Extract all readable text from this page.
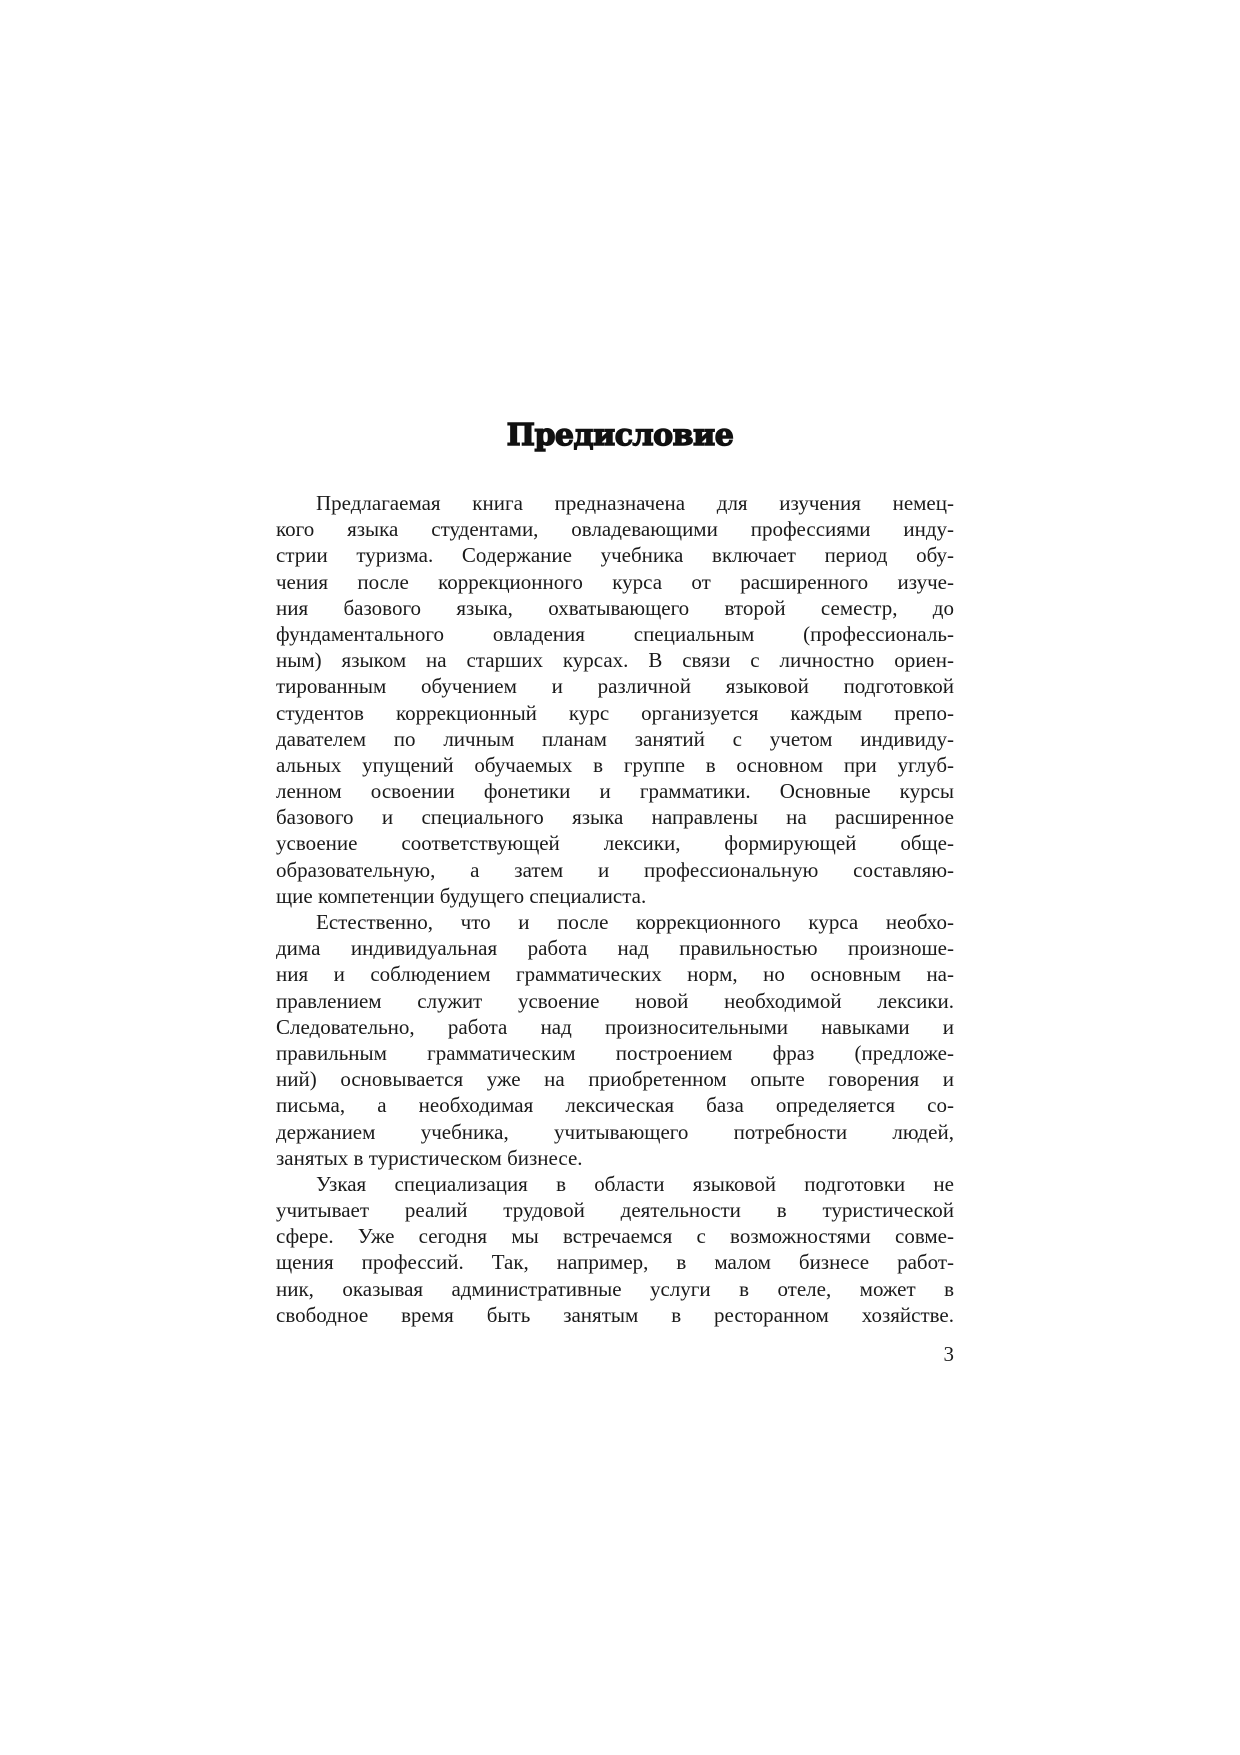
Предисловие
Предлагаемая книга предназначена для изучения немец-
кого языка студентами, овладевающими профессиями инду-
стрии туризма. Содержание учебника включает период обу-
чения после коррекционного курса от расширенного изуче-
ния базового языка, охватывающего второй семестр, до
фундаментального овладения специальным (профессиональ-
ным) языком на старших курсах. В связи с личностно ориен-
тированным обучением и различной языковой подготовкой
студентов коррекционный курс организуется каждым препо-
давателем по личным планам занятий с учетом индивиду-
альных упущений обучаемых в группе в основном при углуб-
ленном освоении фонетики и грамматики. Основные курсы
базового и специального языка направлены на расширенное
усвоение соответствующей лексики, формирующей обще-
образовательную, а затем и профессиональную составляю-
щие компетенции будущего специалиста.
Естественно, что и после коррекционного курса необхо-
дима индивидуальная работа над правильностью произноше-
ния и соблюдением грамматических норм, но основным на-
правлением служит усвоение новой необходимой лексики.
Следовательно, работа над произносительными навыками и
правильным грамматическим построением фраз (предложе-
ний) основывается уже на приобретенном опыте говорения и
письма, а необходимая лексическая база определяется со-
держанием учебника, учитывающего потребности людей,
занятых в туристическом бизнесе.
Узкая специализация в области языковой подготовки не
учитывает реалий трудовой деятельности в туристической
сфере. Уже сегодня мы встречаемся с возможностями совме-
щения профессий. Так, например, в малом бизнесе работ-
ник, оказывая административные услуги в отеле, может в
свободное время быть занятым в ресторанном хозяйстве.
3
